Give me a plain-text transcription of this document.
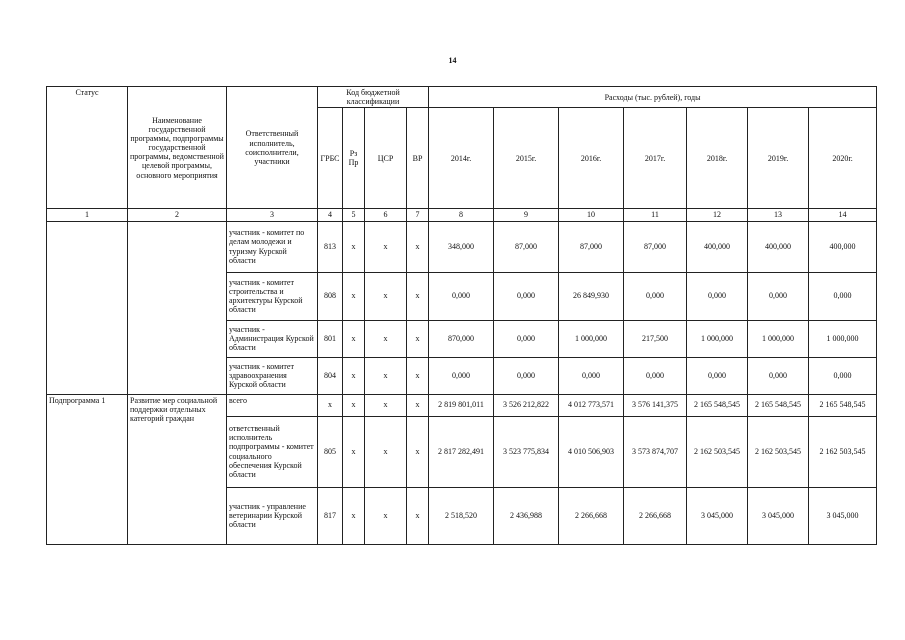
14
Статус	Наименование государственной программы, подпрограммы государственной программы, ведомственной целевой программы, основного мероприятия	Ответственный исполнитель, соисполнители, участники	Код бюджетной классификации				Расходы (тыс. рублей), годы						
			ГРБС	Рз Пр	ЦСР	ВР	2014г.	2015г.	2016г.	2017г.	2018г.	2019г.	2020г.
1	2	3	4	5	6	7	8	9	10	11	12	13	14
		участник - комитет по делам молодежи и туризму Курской области	813	х	х	х	348,000	87,000	87,000	87,000	400,000	400,000	400,000
		участник - комитет строительства и архитектуры Курской области	808	х	х	х	0,000	0,000	26 849,930	0,000	0,000	0,000	0,000
		участник - Администрация Курской области	801	х	х	х	870,000	0,000	1 000,000	217,500	1 000,000	1 000,000	1 000,000
		участник - комитет здравоохранения Курской области	804	х	х	х	0,000	0,000	0,000	0,000	0,000	0,000	0,000
Подпрограмма 1	Развитие мер социальной поддержки отдельных категорий граждан	всего	х	х	х	х	2 819 801,011	3 526 212,822	4 012 773,571	3 576 141,375	2 165 548,545	2 165 548,545	2 165 548,545
		ответственный исполнитель подпрограммы - комитет социального обеспечения Курской области	805	х	х	х	2 817 282,491	3 523 775,834	4 010 506,903	3 573 874,707	2 162 503,545	2 162 503,545	2 162 503,545
		участник - управление ветеринарии Курской области	817	х	х	х	2 518,520	2 436,988	2 266,668	2 266,668	3 045,000	3 045,000	3 045,000
